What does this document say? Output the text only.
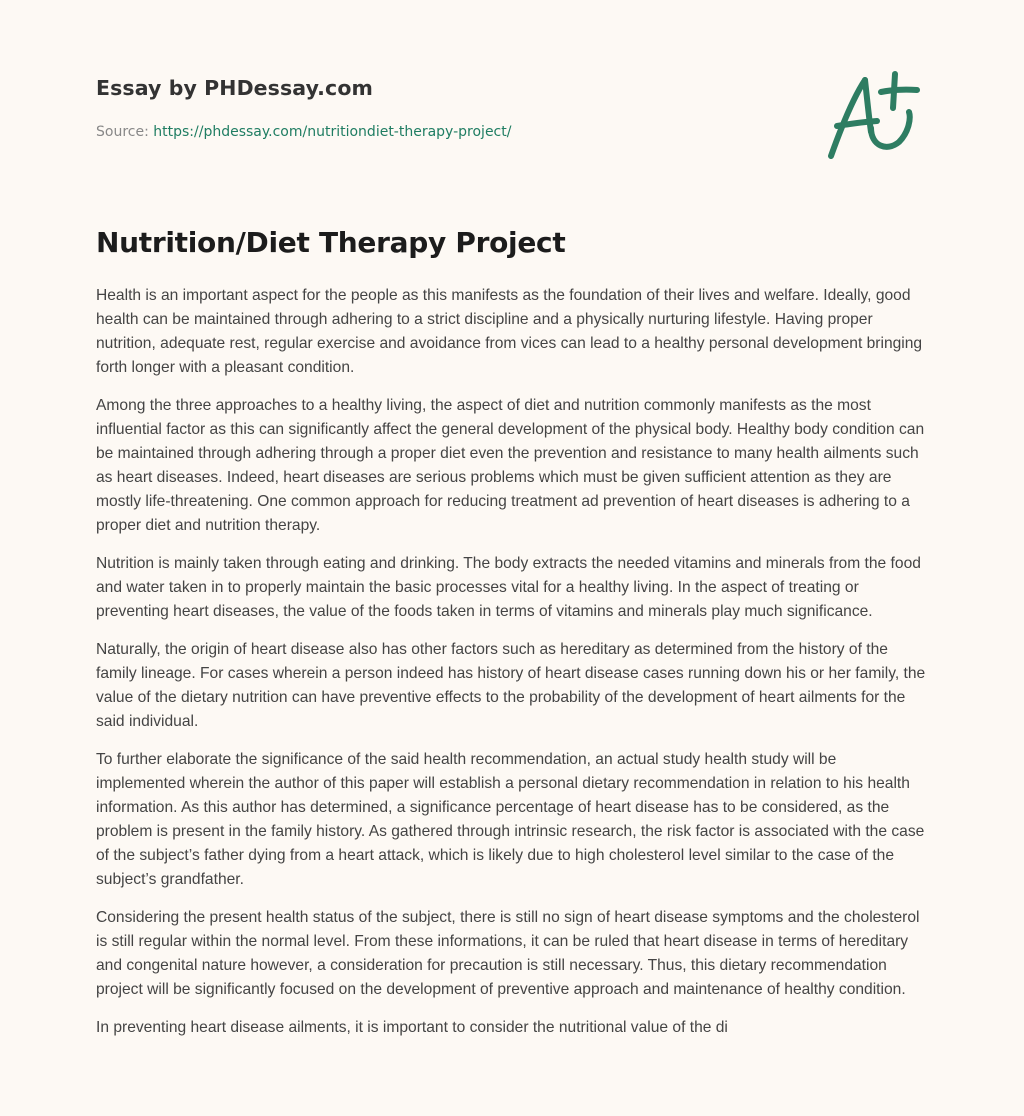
Essay by PHDessay.com
Source: https://phdessay.com/nutritiondiet-therapy-project/
Nutrition/Diet Therapy Project

Health is an important aspect for the people as this manifests as the foundation of their lives and welfare. Ideally, good health can be maintained through adhering to a strict discipline and a physically nurturing lifestyle. Having proper nutrition, adequate rest, regular exercise and avoidance from vices can lead to a healthy personal development bringing forth longer with a pleasant condition.

Among the three approaches to a healthy living, the aspect of diet and nutrition commonly manifests as the most influential factor as this can significantly affect the general development of the physical body. Healthy body condition can be maintained through adhering through a proper diet even the prevention and resistance to many health ailments such as heart diseases. Indeed, heart diseases are serious problems which must be given sufficient attention as they are mostly life-threatening. One common approach for reducing treatment ad prevention of heart diseases is adhering to a proper diet and nutrition therapy.

Nutrition is mainly taken through eating and drinking. The body extracts the needed vitamins and minerals from the food and water taken in to properly maintain the basic processes vital for a healthy living. In the aspect of treating or preventing heart diseases, the value of the foods taken in terms of vitamins and minerals play much significance.

Naturally, the origin of heart disease also has other factors such as hereditary as determined from the history of the family lineage. For cases wherein a person indeed has history of heart disease cases running down his or her family, the value of the dietary nutrition can have preventive effects to the probability of the development of heart ailments for the said individual.

To further elaborate the significance of the said health recommendation, an actual study health study will be implemented wherein the author of this paper will establish a personal dietary recommendation in relation to his health information. As this author has determined, a significance percentage of heart disease has to be considered, as the problem is present in the family history. As gathered through intrinsic research, the risk factor is associated with the case of the subject’s father dying from a heart attack, which is likely due to high cholesterol level similar to the case of the subject’s grandfather.

Considering the present health status of the subject, there is still no sign of heart disease symptoms and the cholesterol is still regular within the normal level. From these informations, it can be ruled that heart disease in terms of hereditary and congenital nature however, a consideration for precaution is still necessary. Thus, this dietary recommendation project will be significantly focused on the development of preventive approach and maintenance of healthy condition.

In preventing heart disease ailments, it is important to consider the nutritional value of the di
